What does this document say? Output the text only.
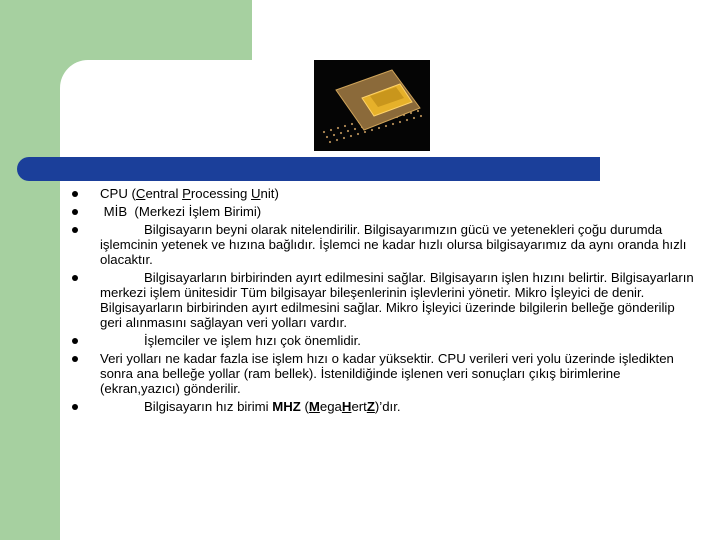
CPU (Central Processing Unit)
MİB  (Merkezi İşlem Birimi)
Bilgisayarın beyni olarak nitelendirilir. Bilgisayarımızın gücü ve yetenekleri çoğu durumda işlemcinin yetenek ve hızına bağlıdır. İşlemci ne kadar hızlı olursa bilgisayarımız da aynı oranda hızlı olacaktır.
Bilgisayarların birbirinden ayırt edilmesini sağlar. Bilgisayarın işlen hızını belirtir. Bilgisayarların merkezi işlem ünitesidir Tüm bilgisayar bileşenlerinin işlevlerini yönetir. Mikro İşleyici de denir. Bilgisayarların birbirinden ayırt edilmesini sağlar. Mikro İşleyici üzerinde bilgilerin belleğe gönderilip geri alınmasını sağlayan veri yolları vardır.
İşlemciler ve işlem hızı çok önemlidir.
Veri yolları ne kadar fazla ise işlem hızı o kadar yüksektir. CPU verileri veri yolu üzerinde işledikten sonra ana belleğe yollar (ram bellek). İstenildiğinde işlenen veri sonuçları çıkış birimlerine (ekran,yazıcı) gönderilir.
Bilgisayarın hız birimi MHZ (MegaHertZ)’dır.
